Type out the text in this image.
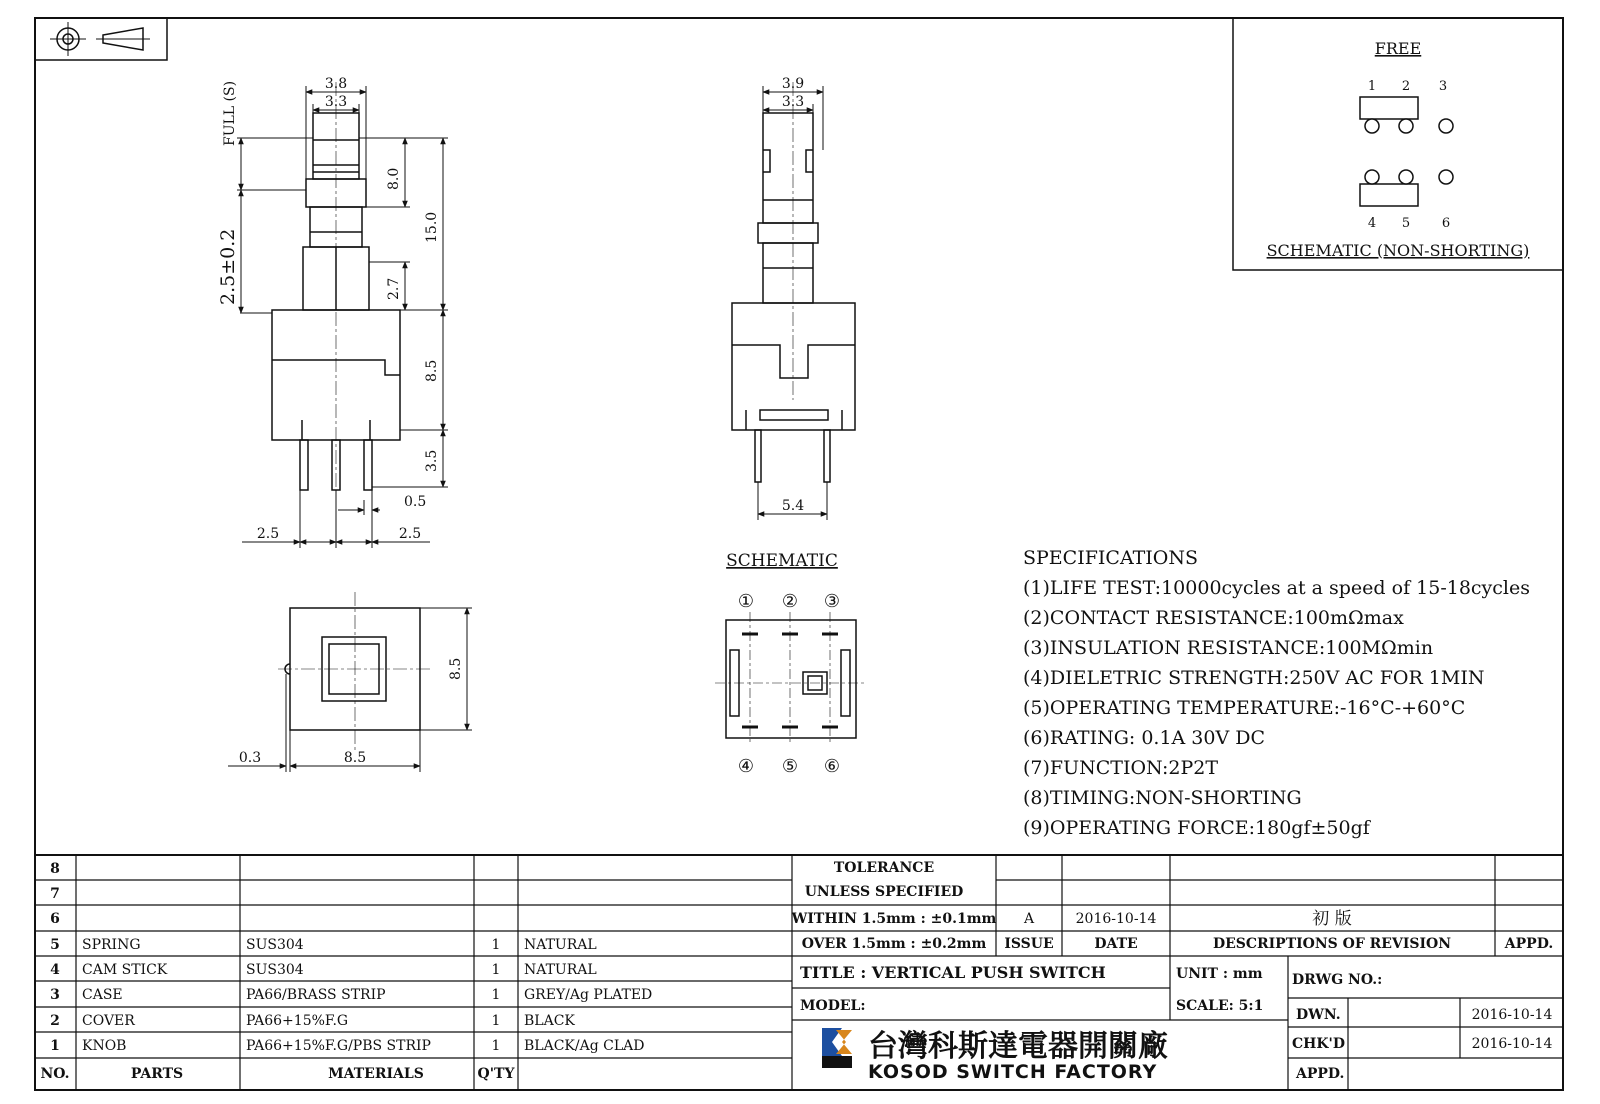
3.8
3.3
FULL (S)
2.5±0.2
8.0
15.0
2.7
8.5
3.5
0.5
2.5	2.5
3.9
3.3
5.4
8.5
8.5
0.3
SCHEMATIC
① ② ③
④ ⑤ ⑥
FREE
1 2 3
4 5 6
SCHEMATIC (NON-SHORTING)
SPECIFICATIONS
(1)LIFE TEST:10000cycles at a speed of 15-18cycles
(2)CONTACT RESISTANCE:100mΩmax
(3)INSULATION RESISTANCE:100MΩmin
(4)DIELETRIC STRENGTH:250V AC FOR 1MIN
(5)OPERATING TEMPERATURE:-16°C-+60°C
(6)RATING: 0.1A 30V DC
(7)FUNCTION:2P2T
(8)TIMING:NON-SHORTING
(9)OPERATING FORCE:180gf±50gf
NO.	PARTS	MATERIALS	Q'TY
8
7
6
5 SPRING	SUS304	1 NATURAL
4 CAM STICK	SUS304	1 NATURAL
3 CASE	PA66/BRASS STRIP	1 GREY/Ag PLATED
2 COVER	PA66+15%F.G	1 BLACK
1 KNOB	PA66+15%F.G/PBS STRIP	1 BLACK/Ag CLAD
TOLERANCE
UNLESS SPECIFIED
WITHIN 1.5mm : ±0.1mm
OVER 1.5mm : ±0.2mm
A	2016-10-14	初 版
ISSUE	DATE	DESCRIPTIONS OF REVISION	APPD.
TITLE : VERTICAL PUSH SWITCH	UNIT : mm
MODEL:	SCALE: 5:1
DRWG NO.:
DWN.	2016-10-14
CHK'D	2016-10-14
APPD.
台灣科斯達電器開關廠
KOSOD SWITCH FACTORY
